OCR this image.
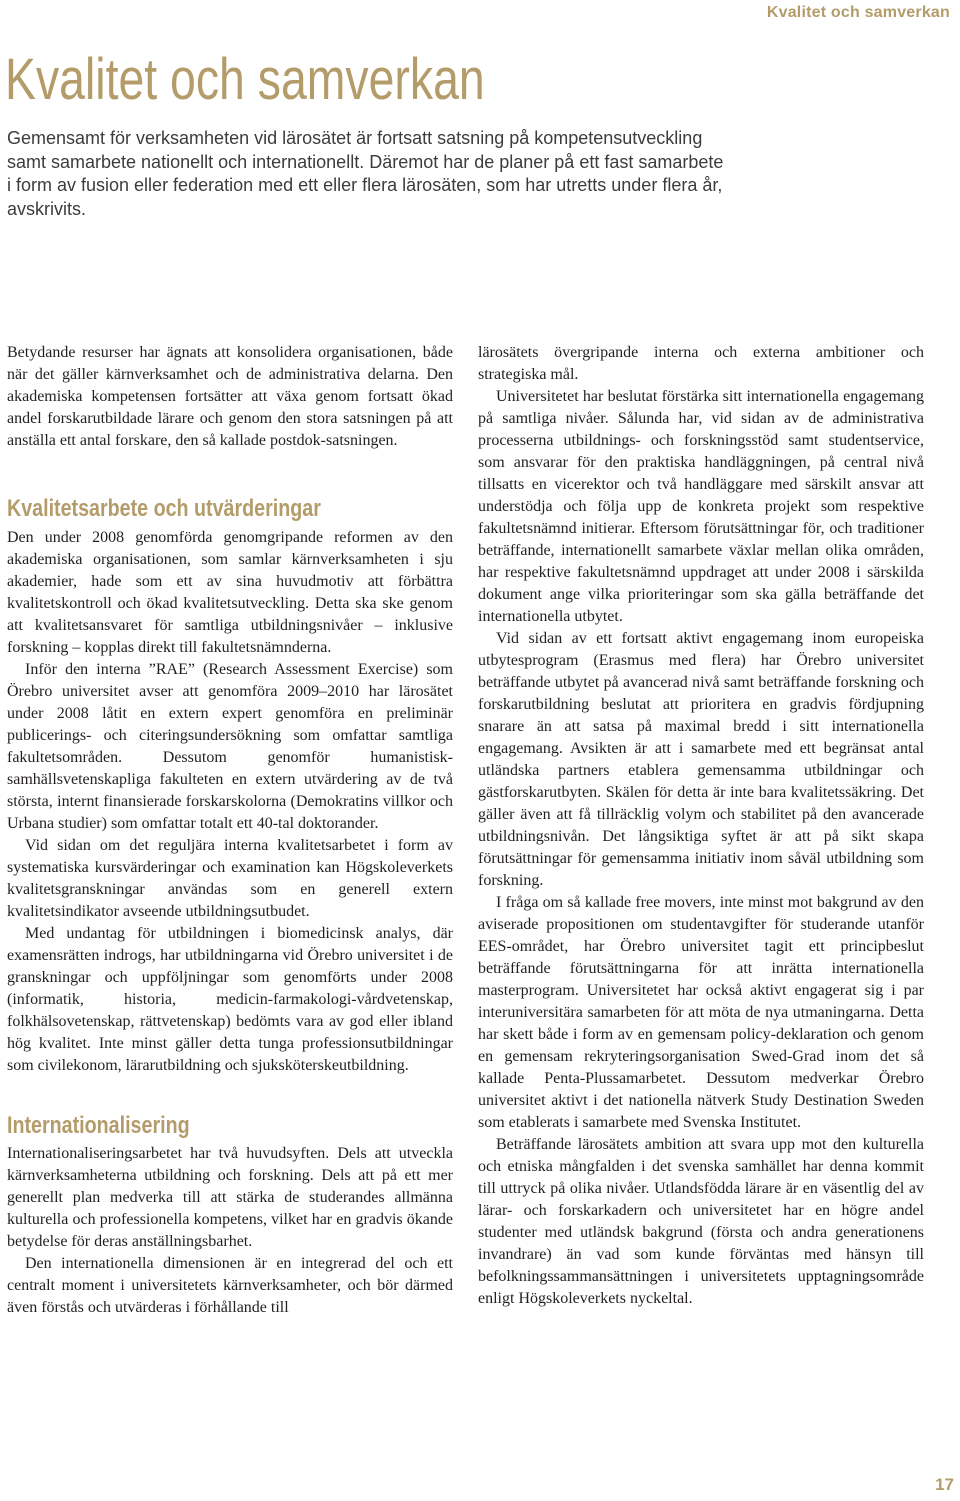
Kvalitet och samverkan
Kvalitet och samverkan

Gemensamt för verksamheten vid lärosätet är fortsatt satsning på kompetensutveckling samt samarbete nationellt och internationellt. Däremot har de planer på ett fast samarbete i form av fusion eller federation med ett eller flera lärosäten, som har utretts under flera år, avskrivits.

Betydande resurser har ägnats att konsolidera organisationen, både när det gäller kärnverksamhet och de administrativa delarna. Den akademiska kompetensen fortsätter att växa genom fortsatt ökad andel forskarutbildade lärare och genom den stora satsningen på att anställa ett antal forskare, den så kallade postdok-satsningen.

Kvalitetsarbete och utvärderingar

Den under 2008 genomförda genomgripande reformen av den akademiska organisationen, som samlar kärnverksamheten i sju akademier, hade som ett av sina huvudmotiv att förbättra kvalitetskontroll och ökad kvalitetsutveckling. Detta ska ske genom att kvalitetsansvaret för samtliga utbildningsnivåer – inklusive forskning – kopplas direkt till fakultetsnämnderna.

Inför den interna ”RAE” (Research Assessment Exercise) som Örebro universitet avser att genomföra 2009–2010 har lärosätet under 2008 låtit en extern expert genomföra en preliminär publicerings- och citeringsundersökning som omfattar samtliga fakultetsområden. Dessutom genomför humanistisk-samhällsvetenskapliga fakulteten en extern utvärdering av de två största, internt finansierade forskarskolorna (Demokratins villkor och Urbana studier) som omfattar totalt ett 40-tal doktorander.

Vid sidan om det reguljära interna kvalitetsarbetet i form av systematiska kursvärderingar och examination kan Högskoleverkets kvalitetsgranskningar användas som en generell extern kvalitetsindikator avseende utbildningsutbudet.

Med undantag för utbildningen i biomedicinsk analys, där examensrätten indrogs, har utbildningarna vid Örebro universitet i de granskningar och uppföljningar som genomförts under 2008 (informatik, historia, medicin-farmakologi-vårdvetenskap, folkhälsovetenskap, rättvetenskap) bedömts vara av god eller ibland hög kvalitet. Inte minst gäller detta tunga professionsutbildningar som civilekonom, lärarutbildning och sjuksköterskeutbildning.

Internationalisering

Internationaliseringsarbetet har två huvudsyften. Dels att utveckla kärnverksamheterna utbildning och forskning. Dels att på ett mer generellt plan medverka till att stärka de studerandes allmänna kulturella och professionella kompetens, vilket har en gradvis ökande betydelse för deras anställningsbarhet.

Den internationella dimensionen är en integrerad del och ett centralt moment i universitetets kärnverksamheter, och bör därmed även förstås och utvärderas i förhållande till

lärosätets övergripande interna och externa ambitioner och strategiska mål.

Universitetet har beslutat förstärka sitt internationella engagemang på samtliga nivåer. Sålunda har, vid sidan av de administrativa processerna utbildnings- och forskningsstöd samt studentservice, som ansvarar för den praktiska handläggningen, på central nivå tillsatts en vicerektor och två handläggare med särskilt ansvar att understödja och följa upp de konkreta projekt som respektive fakultetsnämnd initierar. Eftersom förutsättningar för, och traditioner beträffande, internationellt samarbete växlar mellan olika områden, har respektive fakultetsnämnd uppdraget att under 2008 i särskilda dokument ange vilka prioriteringar som ska gälla beträffande det internationella utbytet.

Vid sidan av ett fortsatt aktivt engagemang inom europeiska utbytesprogram (Erasmus med flera) har Örebro universitet beträffande utbytet på avancerad nivå samt beträffande forskning och forskarutbildning beslutat att prioritera en gradvis fördjupning snarare än att satsa på maximal bredd i sitt internationella engagemang. Avsikten är att i samarbete med ett begränsat antal utländska partners etablera gemensamma utbildningar och gästforskarutbyten. Skälen för detta är inte bara kvalitetssäkring. Det gäller även att få tillräcklig volym och stabilitet på den avancerade utbildningsnivån. Det långsiktiga syftet är att på sikt skapa förutsättningar för gemensamma initiativ inom såväl utbildning som forskning.

I fråga om så kallade free movers, inte minst mot bakgrund av den aviserade propositionen om studentavgifter för studerande utanför EES-området, har Örebro universitet tagit ett principbeslut beträffande förutsättningarna för att inrätta internationella masterprogram. Universitetet har också aktivt engagerat sig i par interuniversitära samarbeten för att möta de nya utmaningarna. Detta har skett både i form av en gemensam policy-deklaration och genom en gemensam rekryteringsorganisation Swed-Grad inom det så kallade Penta-Plussamarbetet. Dessutom medverkar Örebro universitet aktivt i det nationella nätverk Study Destination Sweden som etablerats i samarbete med Svenska Institutet.

Beträffande lärosätets ambition att svara upp mot den kulturella och etniska mångfalden i det svenska samhället har denna kommit till uttryck på olika nivåer. Utlandsfödda lärare är en väsentlig del av lärar- och forskarkadern och universitetet har en högre andel studenter med utländsk bakgrund (första och andra generationens invandrare) än vad som kunde förväntas med hänsyn till befolkningssammansättningen i universitetets upptagningsområde enligt Högskoleverkets nyckeltal.

17
